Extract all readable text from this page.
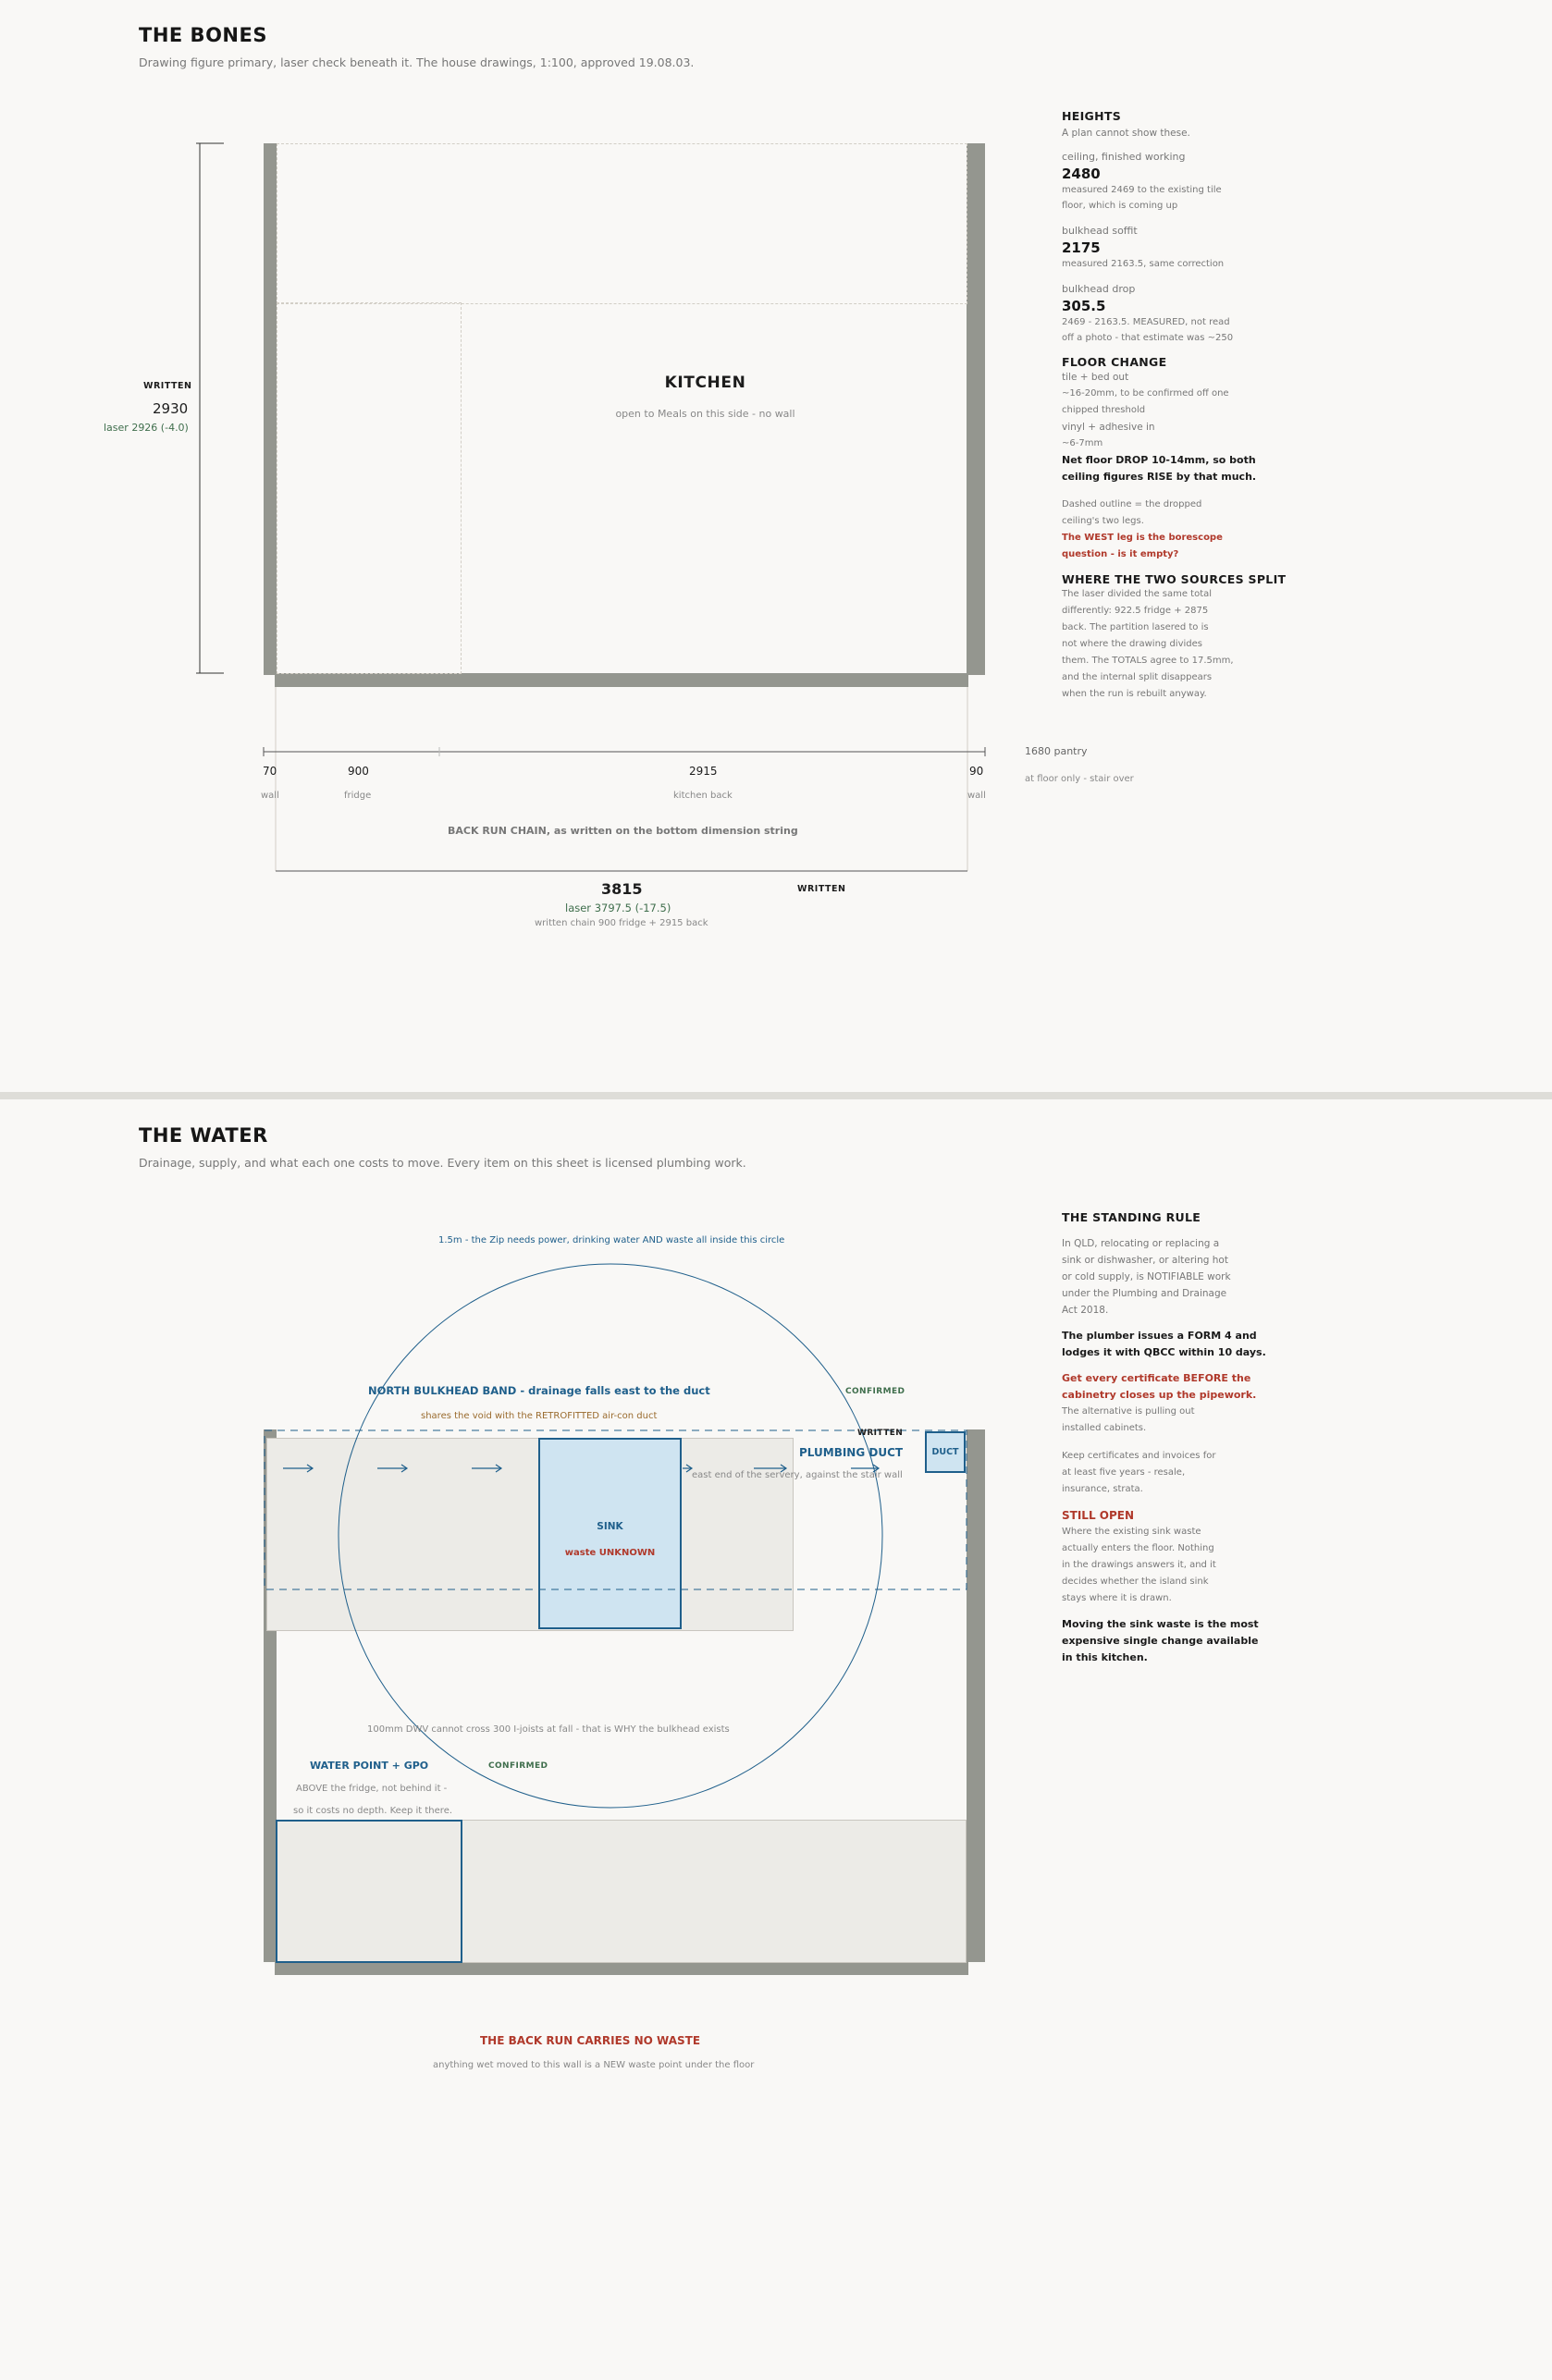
THE BONES
Drawing figure primary, laser check beneath it. The house drawings, 1:100, approved 19.08.03.
KITCHEN
open to Meals on this side - no wall
WRITTEN
2930
laser 2926 (-4.0)
70
wall
900
fridge
2915
kitchen back
90
wall
1680 pantry
at floor only - stair over
BACK RUN CHAIN, as written on the bottom dimension string
3815	WRITTEN
laser 3797.5 (-17.5)
written chain 900 fridge + 2915 back
HEIGHTS
A plan cannot show these.
ceiling, finished working
2480
measured 2469 to the existing tile
floor, which is coming up
bulkhead soffit
2175
measured 2163.5, same correction
bulkhead drop
305.5
2469 - 2163.5. MEASURED, not read
off a photo - that estimate was ~250
FLOOR CHANGE
tile + bed out
~16-20mm, to be confirmed off one
chipped threshold
vinyl + adhesive in
~6-7mm
Net floor DROP 10-14mm, so both
ceiling figures RISE by that much.
Dashed outline = the dropped
ceiling's two legs.
The WEST leg is the borescope
question - is it empty?
WHERE THE TWO SOURCES SPLIT
The laser divided the same total
differently: 922.5 fridge + 2875
back. The partition lasered to is
not where the drawing divides
them. The TOTALS agree to 17.5mm,
and the internal split disappears
when the run is rebuilt anyway.
THE WATER
Drainage, supply, and what each one costs to move. Every item on this sheet is licensed plumbing work.
1.5m - the Zip needs power, drinking water AND waste all inside this circle
SINK
waste UNKNOWN
DUCT
NORTH BULKHEAD BAND - drainage falls east to the duct
shares the void with the RETROFITTED air-con duct
CONFIRMED
WRITTEN
PLUMBING DUCT
east end of the servery, against the stair wall
100mm DWV cannot cross 300 I-joists at fall - that is WHY the bulkhead exists
WATER POINT + GPO	CONFIRMED
ABOVE the fridge, not behind it -
so it costs no depth. Keep it there.
THE BACK RUN CARRIES NO WASTE
anything wet moved to this wall is a NEW waste point under the floor
THE STANDING RULE
In QLD, relocating or replacing a
sink or dishwasher, or altering hot
or cold supply, is NOTIFIABLE work
under the Plumbing and Drainage
Act 2018.
The plumber issues a FORM 4 and
lodges it with QBCC within 10 days.
Get every certificate BEFORE the
cabinetry closes up the pipework.
The alternative is pulling out
installed cabinets.
Keep certificates and invoices for
at least five years - resale,
insurance, strata.
STILL OPEN
Where the existing sink waste
actually enters the floor. Nothing
in the drawings answers it, and it
decides whether the island sink
stays where it is drawn.
Moving the sink waste is the most
expensive single change available
in this kitchen.
